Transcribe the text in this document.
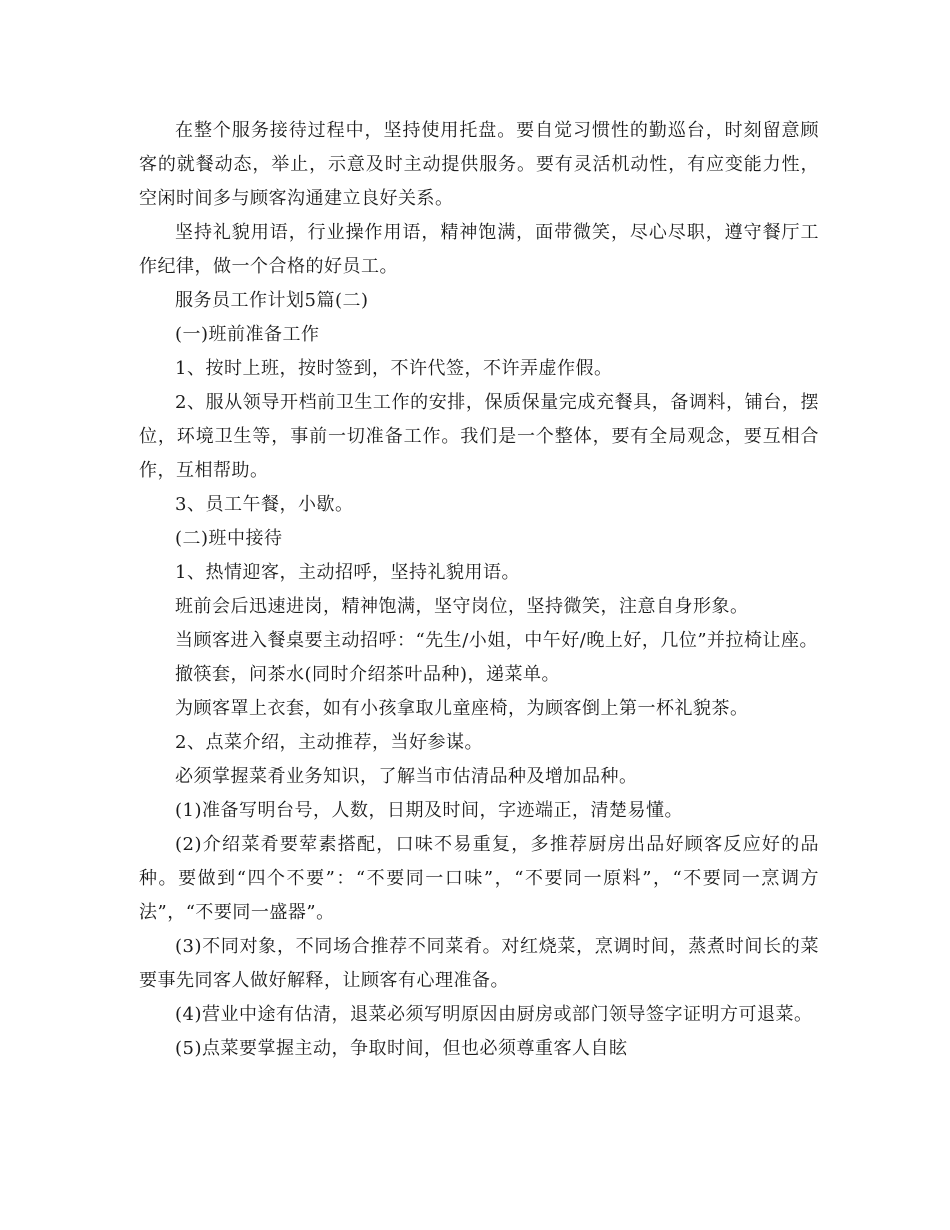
在整个服务接待过程中，坚持使用托盘。要自觉习惯性的勤巡台，时刻留意顾客的就餐动态，举止，示意及时主动提供服务。要有灵活机动性，有应变能力性，空闲时间多与顾客沟通建立良好关系。

坚持礼貌用语，行业操作用语，精神饱满，面带微笑，尽心尽职，遵守餐厅工作纪律，做一个合格的好员工。

服务员工作计划5篇(二)

(一)班前准备工作

1、按时上班，按时签到，不许代签，不许弄虚作假。

2、服从领导开档前卫生工作的安排，保质保量完成充餐具，备调料，铺台，摆位，环境卫生等，事前一切准备工作。我们是一个整体，要有全局观念，要互相合作，互相帮助。

3、员工午餐，小歇。

(二)班中接待

1、热情迎客，主动招呼，坚持礼貌用语。

班前会后迅速进岗，精神饱满，坚守岗位，坚持微笑，注意自身形象。

当顾客进入餐桌要主动招呼：“先生/小姐，中午好/晚上好，几位”并拉椅让座。

撤筷套，问茶水(同时介绍茶叶品种)，递菜单。

为顾客罩上衣套，如有小孩拿取儿童座椅，为顾客倒上第一杯礼貌茶。

2、点菜介绍，主动推荐，当好参谋。

必须掌握菜肴业务知识，了解当市估清品种及增加品种。

(1)准备写明台号，人数，日期及时间，字迹端正，清楚易懂。

(2)介绍菜肴要荤素搭配，口味不易重复，多推荐厨房出品好顾客反应好的品种。要做到“四个不要”：“不要同一口味”，“不要同一原料”，“不要同一烹调方法”，“不要同一盛器”。

(3)不同对象，不同场合推荐不同菜肴。对红烧菜，烹调时间，蒸煮时间长的菜要事先同客人做好解释，让顾客有心理准备。

(4)营业中途有估清，退菜必须写明原因由厨房或部门领导签字证明方可退菜。

(5)点菜要掌握主动，争取时间，但也必须尊重客人自眩
